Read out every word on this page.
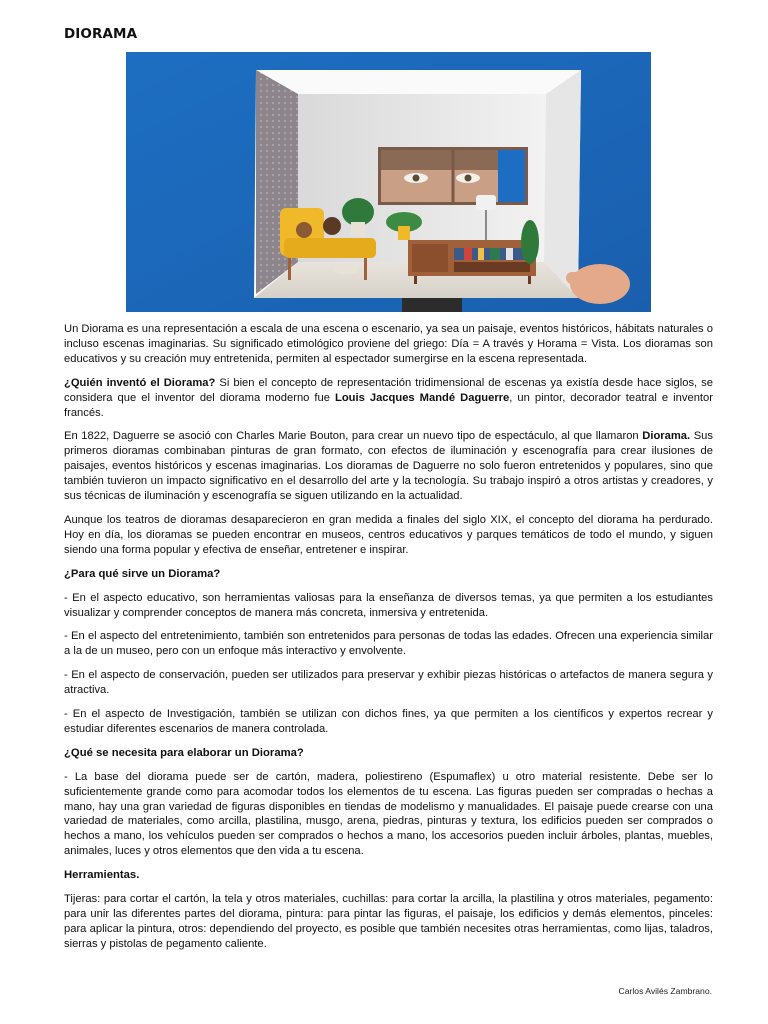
DIORAMA

Un Diorama es una representación a escala de una escena o escenario, ya sea un paisaje, eventos históricos, hábitats naturales o incluso escenas imaginarias. Su significado etimológico proviene del griego: Día = A través y Horama = Vista. Los dioramas son educativos y su creación muy entretenida, permiten al espectador sumergirse en la escena representada.

¿Quién inventó el Diorama? Si bien el concepto de representación tridimensional de escenas ya existía desde hace siglos, se considera que el inventor del diorama moderno fue Louis Jacques Mandé Daguerre, un pintor, decorador teatral e inventor francés.

En 1822, Daguerre se asoció con Charles Marie Bouton, para crear un nuevo tipo de espectáculo, al que llamaron Diorama. Sus primeros dioramas combinaban pinturas de gran formato, con efectos de iluminación y escenografía para crear ilusiones de paisajes, eventos históricos y escenas imaginarias. Los dioramas de Daguerre no solo fueron entretenidos y populares, sino que también tuvieron un impacto significativo en el desarrollo del arte y la tecnología. Su trabajo inspiró a otros artistas y creadores, y sus técnicas de iluminación y escenografía se siguen utilizando en la actualidad.

Aunque los teatros de dioramas desaparecieron en gran medida a finales del siglo XIX, el concepto del diorama ha perdurado. Hoy en día, los dioramas se pueden encontrar en museos, centros educativos y parques temáticos de todo el mundo, y siguen siendo una forma popular y efectiva de enseñar, entretener e inspirar.

¿Para qué sirve un Diorama?

- En el aspecto educativo, son herramientas valiosas para la enseñanza de diversos temas, ya que permiten a los estudiantes visualizar y comprender conceptos de manera más concreta, inmersiva y entretenida.

- En el aspecto del entretenimiento, también son entretenidos para personas de todas las edades. Ofrecen una experiencia similar a la de un museo, pero con un enfoque más interactivo y envolvente.

- En el aspecto de conservación, pueden ser utilizados para preservar y exhibir piezas históricas o artefactos de manera segura y atractiva.

- En el aspecto de Investigación, también se utilizan con dichos fines, ya que permiten a los científicos y expertos recrear y estudiar diferentes escenarios de manera controlada.

¿Qué se necesita para elaborar un Diorama?

- La base del diorama puede ser de cartón, madera, poliestireno (Espumaflex) u otro material resistente. Debe ser lo suficientemente grande como para acomodar todos los elementos de tu escena. Las figuras pueden ser compradas o hechas a mano, hay una gran variedad de figuras disponibles en tiendas de modelismo y manualidades. El paisaje puede crearse con una variedad de materiales, como arcilla, plastilina, musgo, arena, piedras, pinturas y textura, los edificios pueden ser comprados o hechos a mano, los vehículos pueden ser comprados o hechos a mano, los accesorios pueden incluir árboles, plantas, muebles, animales, luces y otros elementos que den vida a tu escena.

Herramientas.

Tijeras: para cortar el cartón, la tela y otros materiales, cuchillas: para cortar la arcilla, la plastilina y otros materiales, pegamento: para unir las diferentes partes del diorama, pintura: para pintar las figuras, el paisaje, los edificios y demás elementos, pinceles: para aplicar la pintura, otros: dependiendo del proyecto, es posible que también necesites otras herramientas, como lijas, taladros, sierras y pistolas de pegamento caliente.

Carlos Avilés Zambrano.
